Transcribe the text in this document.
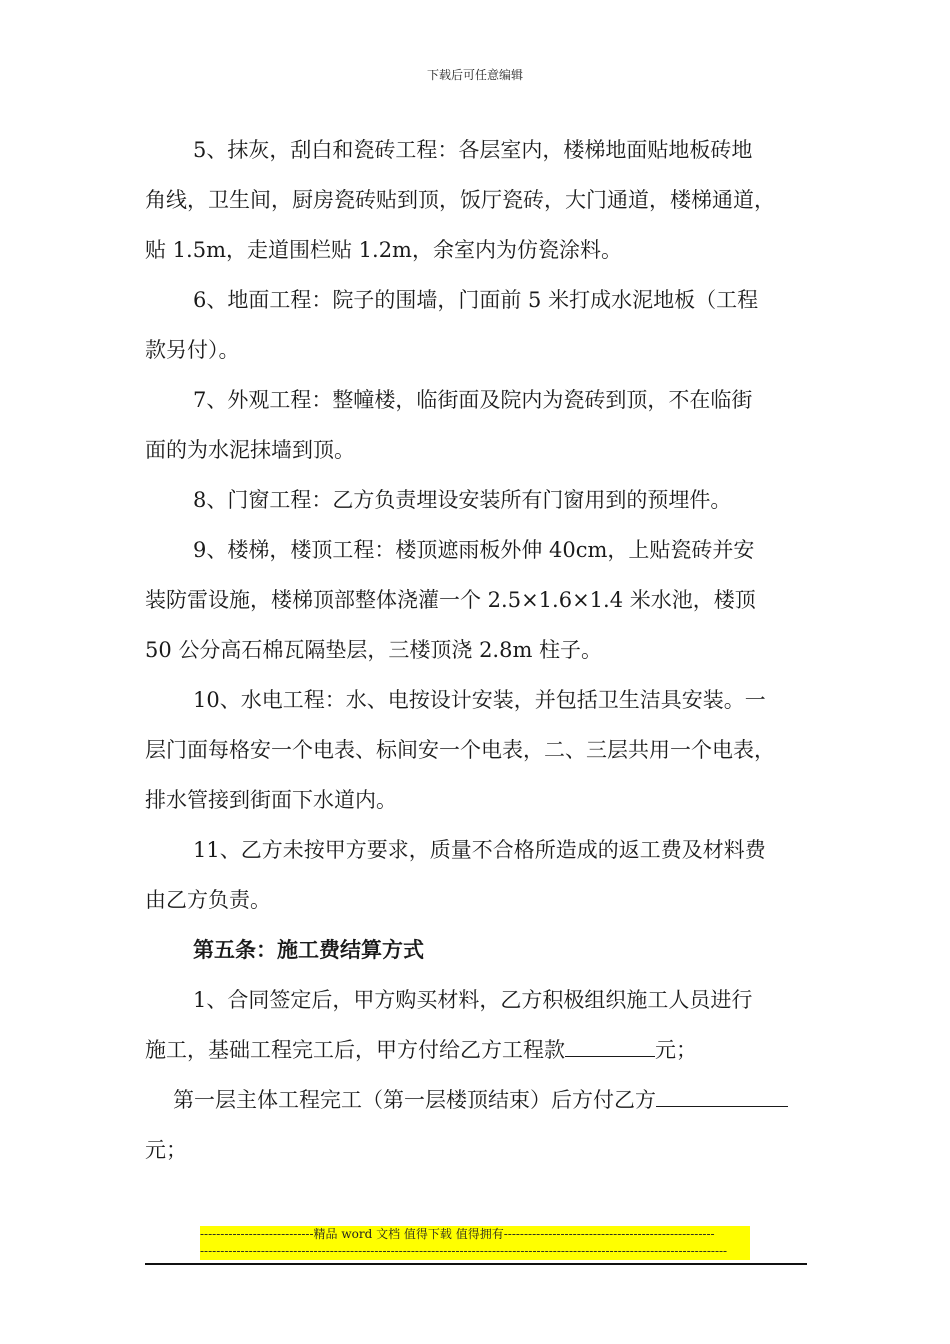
下载后可任意编辑
5、抹灰，刮白和瓷砖工程：各层室内，楼梯地面贴地板砖地
角线，卫生间，厨房瓷砖贴到顶，饭厅瓷砖，大门通道，楼梯通道，
贴 1.5m，走道围栏贴 1.2m，余室内为仿瓷涂料。
6、地面工程：院子的围墙，门面前 5 米打成水泥地板（工程
款另付）。
7、外观工程：整幢楼，临街面及院内为瓷砖到顶，不在临街
面的为水泥抹墙到顶。
8、门窗工程：乙方负责埋设安装所有门窗用到的预埋件。
9、楼梯，楼顶工程：楼顶遮雨板外伸 40cm，上贴瓷砖并安
装防雷设施，楼梯顶部整体浇灌一个 2.5×1.6×1.4 米水池，楼顶
50 公分高石棉瓦隔垫层，三楼顶浇 2.8m 柱子。
10、水电工程：水、电按设计安装，并包括卫生洁具安装。一
层门面每格安一个电表、标间安一个电表，二、三层共用一个电表，
排水管接到街面下水道内。
11、乙方未按甲方要求，质量不合格所造成的返工费及材料费
由乙方负责。
第五条：施工费结算方式
1、合同签定后，甲方购买材料，乙方积极组织施工人员进行
施工，基础工程完工后，甲方付给乙方工程款	元；
第一层主体工程完工（第一层楼顶结束）后方付乙方
元；
----------------------------精品 word 文档 值得下载 值得拥有----------------------------------------------------
----------------------------------------------------------------------------------------------------------------------------------
